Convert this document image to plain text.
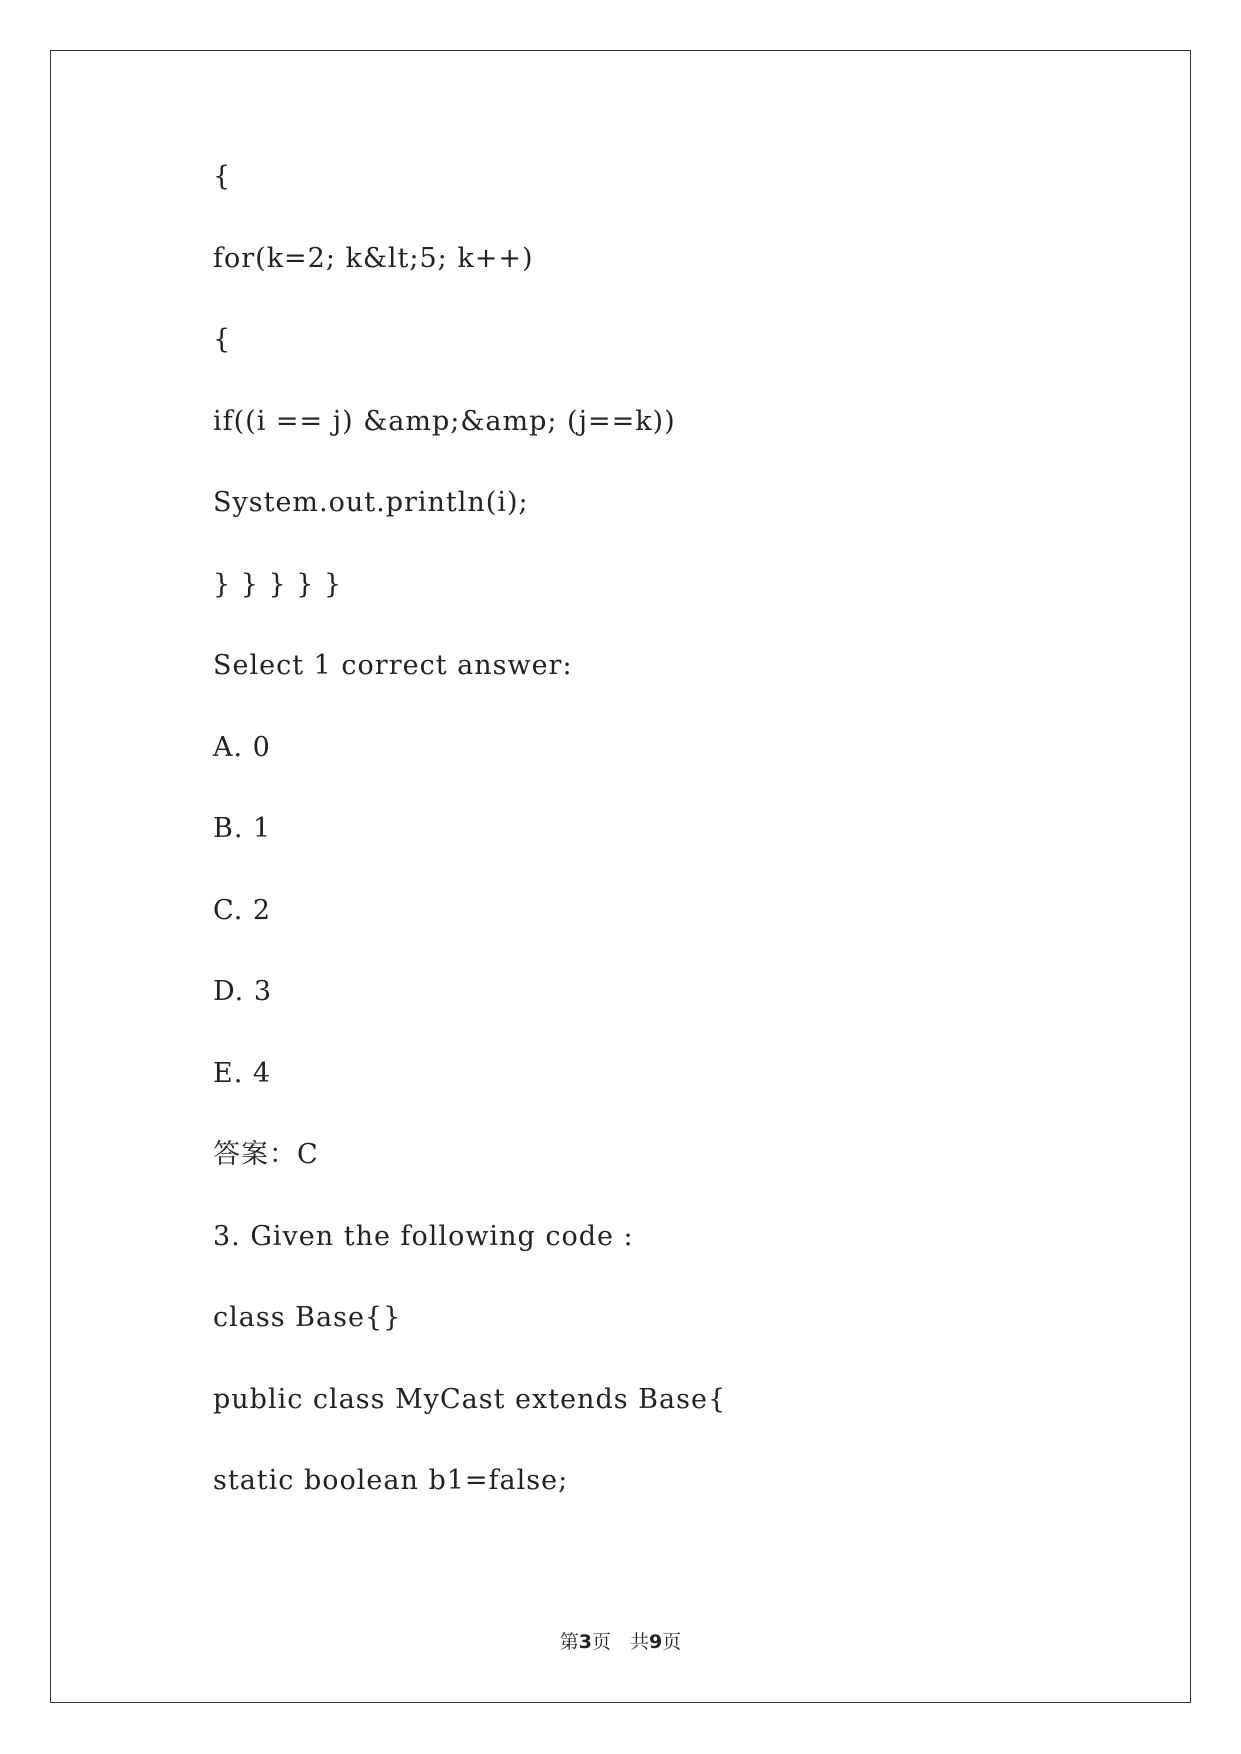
{
for(k=2; k&lt;5; k++)
{
if((i == j) &amp;&amp; (j==k))
System.out.println(i);
} } } } }
Select 1 correct answer:
A. 0
B. 1
C. 2
D. 3
E. 4
答案：C
3. Given the following code :
class Base{}
public class MyCast extends Base{
static boolean b1=false;
第3页　共9页
